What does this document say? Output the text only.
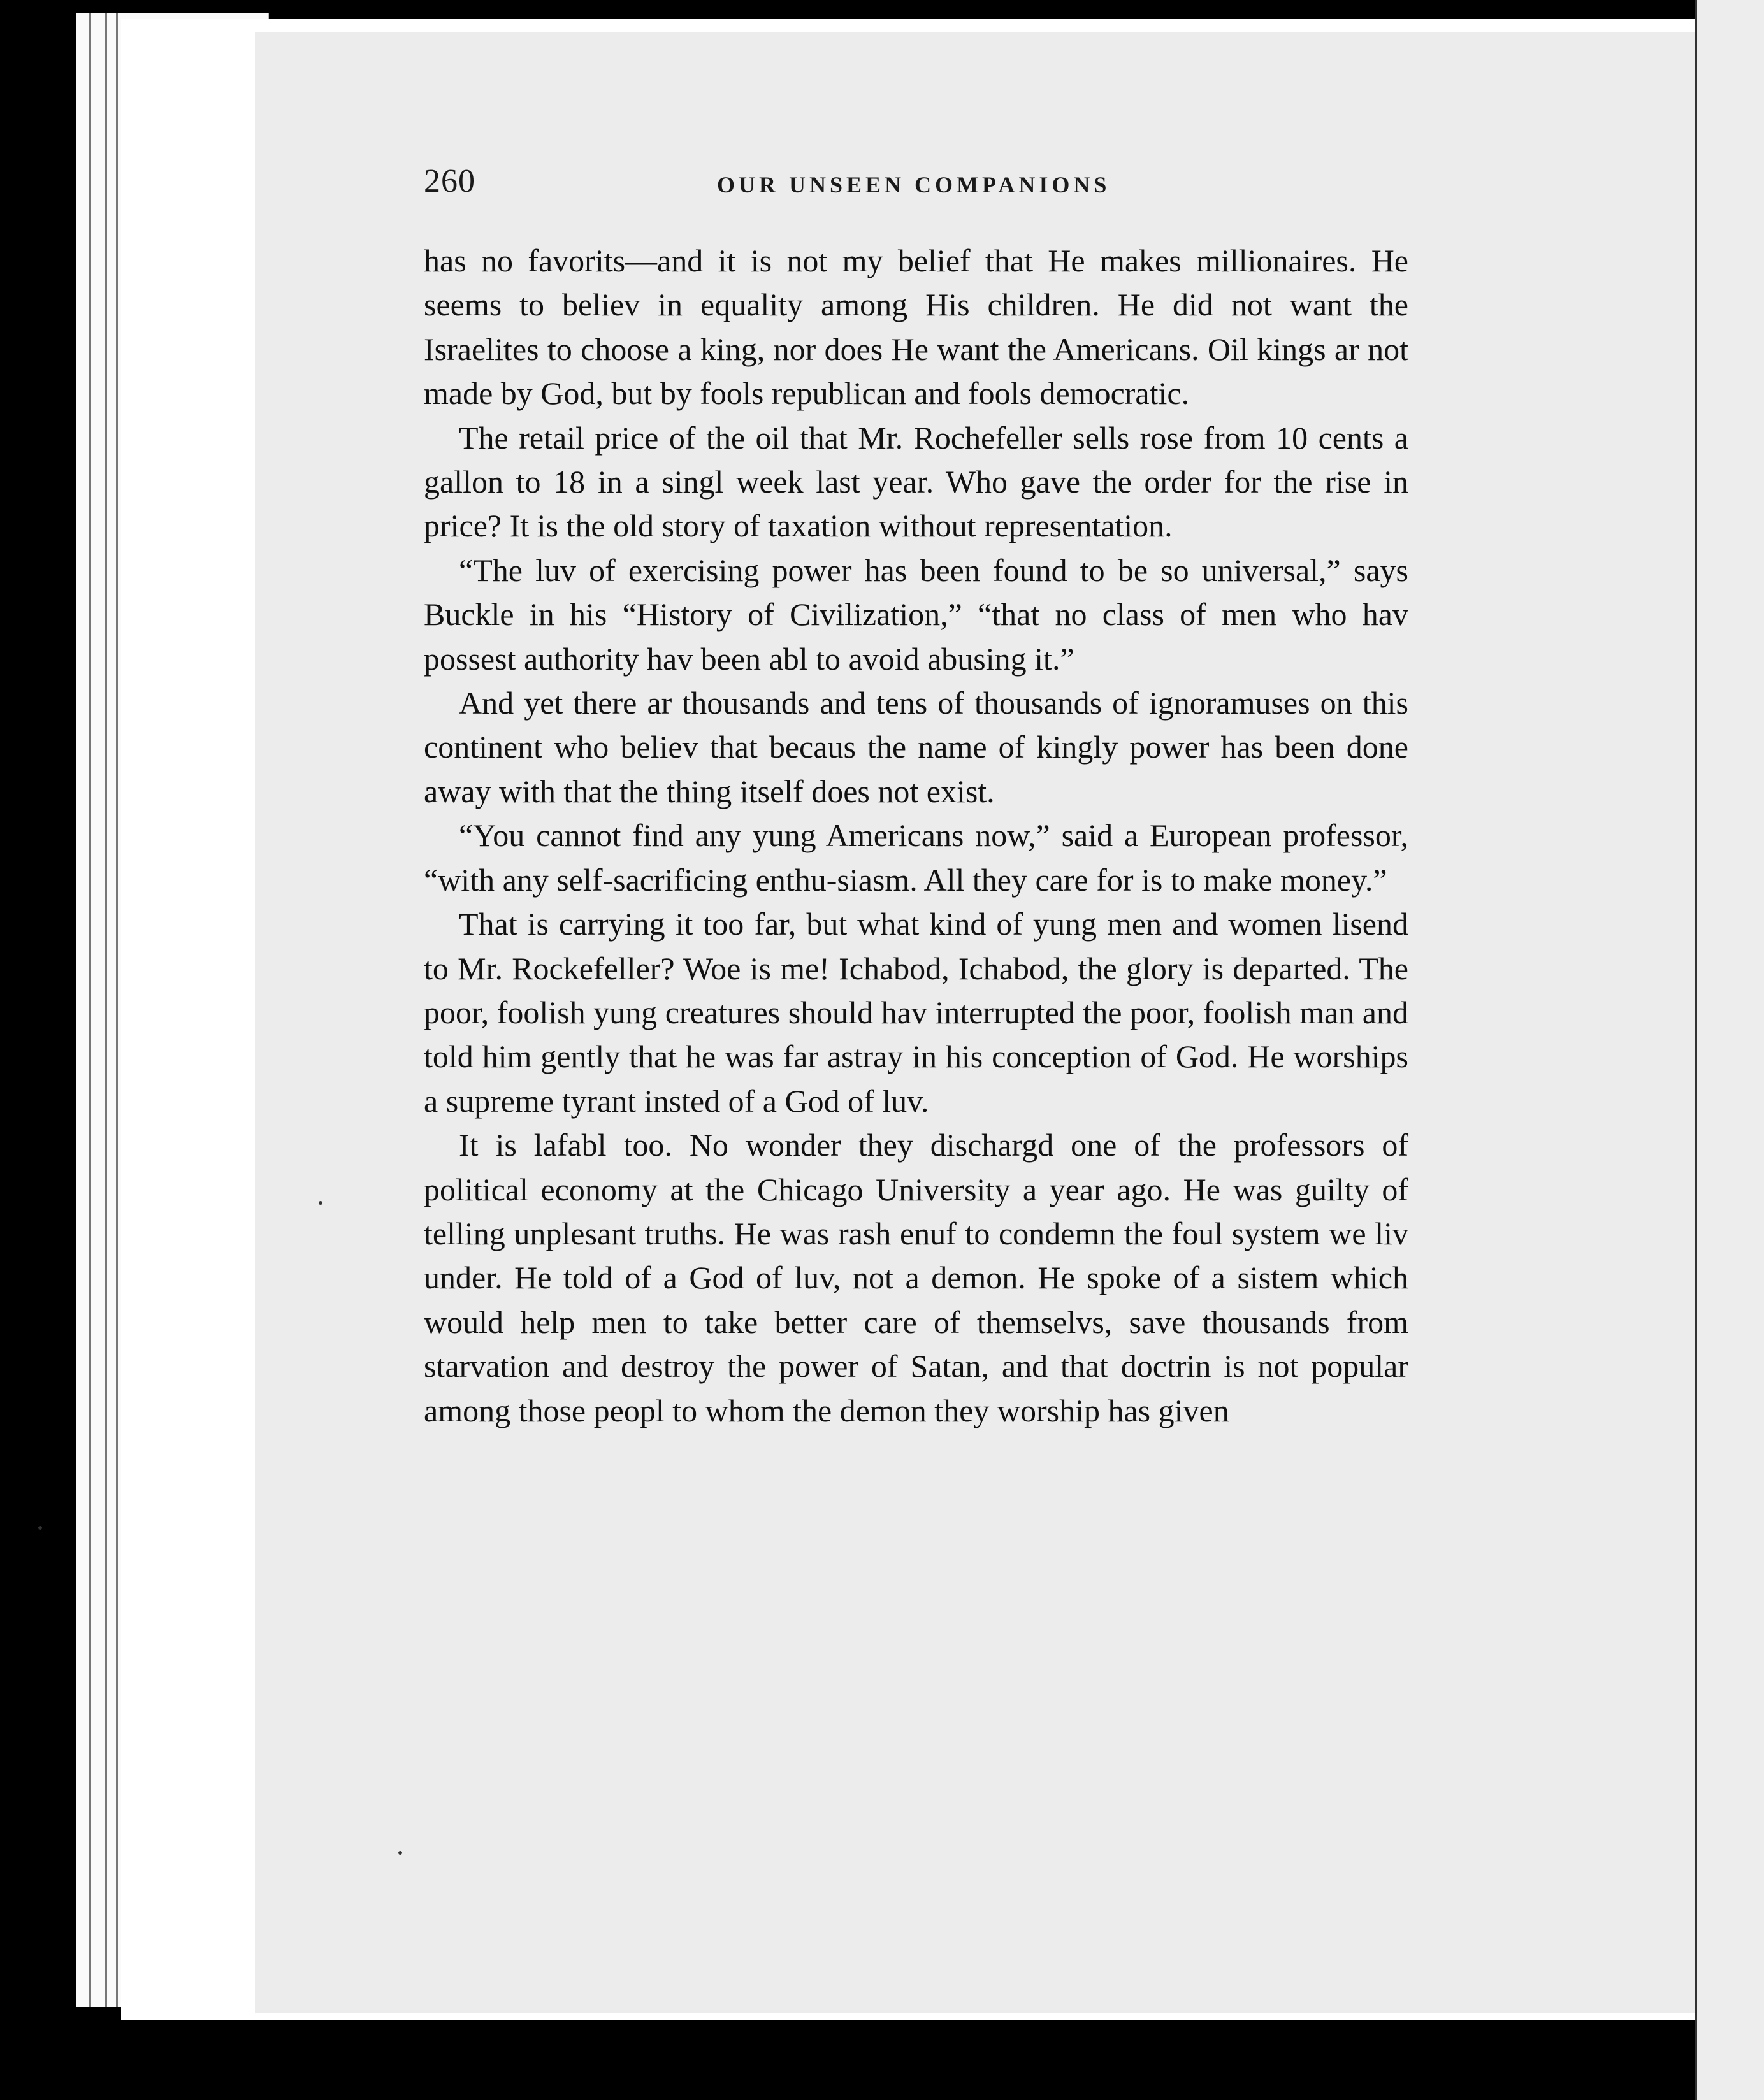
260	OUR UNSEEN COMPANIONS

has no favorits—and it is not my belief that He makes millionaires. He seems to believ in equality among His children. He did not want the Israelites to choose a king, nor does He want the Americans. Oil kings ar not made by God, but by fools republican and fools democratic.

The retail price of the oil that Mr. Rochefeller sells rose from 10 cents a gallon to 18 in a singl week last year. Who gave the order for the rise in price? It is the old story of taxation without representation.

“The luv of exercising power has been found to be so universal,” says Buckle in his “History of Civilization,” “that no class of men who hav possest authority hav been abl to avoid abusing it.”

And yet there ar thousands and tens of thousands of ignoramuses on this continent who believ that becaus the name of kingly power has been done away with that the thing itself does not exist.

“You cannot find any yung Americans now,” said a European professor, “with any self-sacrificing enthu-siasm. All they care for is to make money.”

That is carrying it too far, but what kind of yung men and women lisend to Mr. Rockefeller? Woe is me! Ichabod, Ichabod, the glory is departed. The poor, foolish yung creatures should hav interrupted the poor, foolish man and told him gently that he was far astray in his conception of God. He worships a supreme tyrant insted of a God of luv.

It is lafabl too. No wonder they dischargd one of the professors of political economy at the Chicago University a year ago. He was guilty of telling unplesant truths. He was rash enuf to condemn the foul system we liv under. He told of a God of luv, not a demon. He spoke of a sistem which would help men to take better care of themselvs, save thousands from starvation and destroy the power of Satan, and that doctrin is not popular among those peopl to whom the demon they worship has given
